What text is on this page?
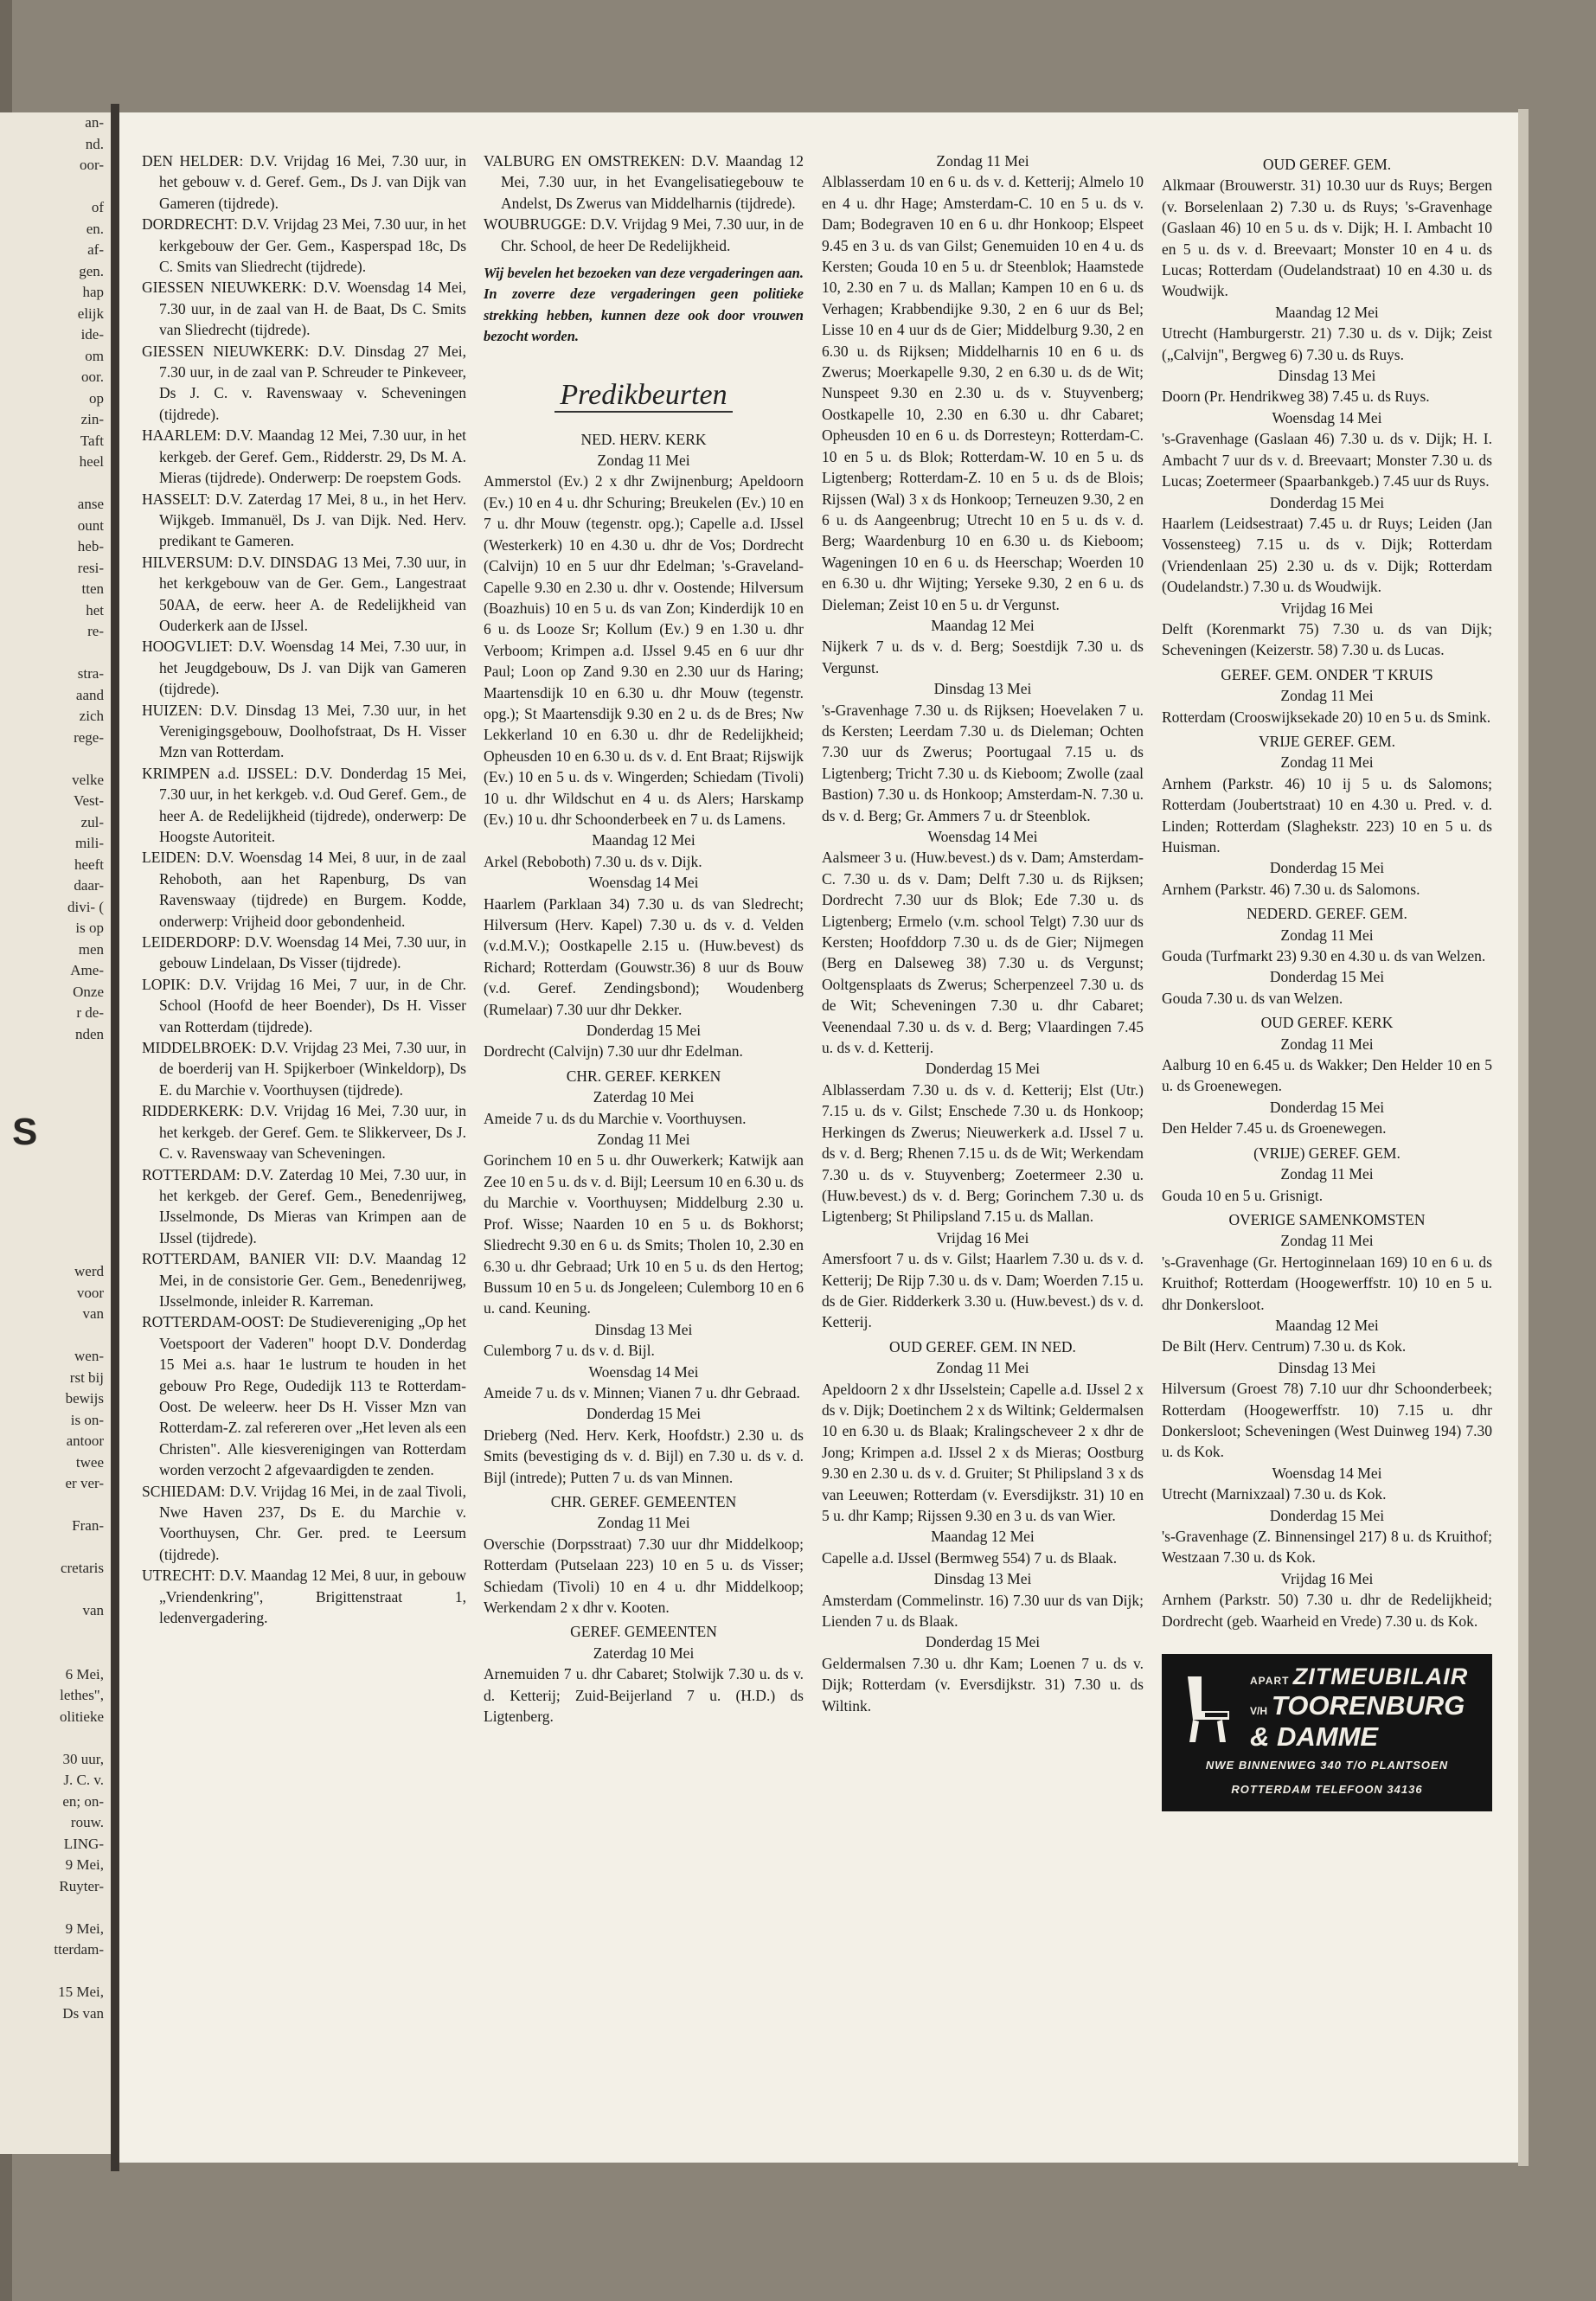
an-

nd.

oor-

of

en.

af-

gen.

hap

elijk

ide-

om

oor.

op

zin-

Taft

heel

anse

ount

heb-

resi-

tten

het

re-

stra-

aand

zich

rege-

velke

Vest-

zul-

mili-

heeft

daar-

divi- (

is op

men

Ame-

Onze

r de-

nden

S

werd

voor

van

wen-

rst bij

bewijs

is on-

antoor

twee

er ver-

Fran-

cretaris

van

6 Mei,

lethes",

olitieke

30 uur,

J. C. v.

en; on-

rouw.

LING-

9 Mei,

Ruyter-

9 Mei,

tterdam-

15 Mei,

Ds van

DEN HELDER: D.V. Vrijdag 16 Mei, 7.30 uur, in het gebouw v. d. Geref. Gem., Ds J. van Dijk van Gameren (tijdrede).

DORDRECHT: D.V. Vrijdag 23 Mei, 7.30 uur, in het kerkgebouw der Ger. Gem., Kasperspad 18c, Ds C. Smits van Sliedrecht (tijdrede).

GIESSEN NIEUWKERK: D.V. Woensdag 14 Mei, 7.30 uur, in de zaal van H. de Baat, Ds C. Smits van Sliedrecht (tijdrede).

GIESSEN NIEUWKERK: D.V. Dinsdag 27 Mei, 7.30 uur, in de zaal van P. Schreuder te Pinkeveer, Ds J. C. v. Ravenswaay v. Scheveningen (tijdrede).

HAARLEM: D.V. Maandag 12 Mei, 7.30 uur, in het kerkgeb. der Geref. Gem., Ridderstr. 29, Ds M. A. Mieras (tijdrede). Onderwerp: De roepstem Gods.

HASSELT: D.V. Zaterdag 17 Mei, 8 u., in het Herv. Wijkgeb. Immanuël, Ds J. van Dijk. Ned. Herv. predikant te Gameren.

HILVERSUM: D.V. DINSDAG 13 Mei, 7.30 uur, in het kerkgebouw van de Ger. Gem., Langestraat 50AA, de eerw. heer A. de Redelijkheid van Ouderkerk aan de IJssel.

HOOGVLIET: D.V. Woensdag 14 Mei, 7.30 uur, in het Jeugdgebouw, Ds J. van Dijk van Gameren (tijdrede).

HUIZEN: D.V. Dinsdag 13 Mei, 7.30 uur, in het Verenigingsgebouw, Doolhofstraat, Ds H. Visser Mzn van Rotterdam.

KRIMPEN a.d. IJSSEL: D.V. Donderdag 15 Mei, 7.30 uur, in het kerkgeb. v.d. Oud Geref. Gem., de heer A. de Redelijkheid (tijdrede), onderwerp: De Hoogste Autoriteit.

LEIDEN: D.V. Woensdag 14 Mei, 8 uur, in de zaal Rehoboth, aan het Rapenburg, Ds van Ravenswaay (tijdrede) en Burgem. Kodde, onderwerp: Vrijheid door gebondenheid.

LEIDERDORP: D.V. Woensdag 14 Mei, 7.30 uur, in gebouw Lindelaan, Ds Visser (tijdrede).

LOPIK: D.V. Vrijdag 16 Mei, 7 uur, in de Chr. School (Hoofd de heer Boender), Ds H. Visser van Rotterdam (tijdrede).

MIDDELBROEK: D.V. Vrijdag 23 Mei, 7.30 uur, in de boerderij van H. Spijkerboer (Winkeldorp), Ds E. du Marchie v. Voorthuysen (tijdrede).

RIDDERKERK: D.V. Vrijdag 16 Mei, 7.30 uur, in het kerkgeb. der Geref. Gem. te Slikkerveer, Ds J. C. v. Ravenswaay van Scheveningen.

ROTTERDAM: D.V. Zaterdag 10 Mei, 7.30 uur, in het kerkgeb. der Geref. Gem., Benedenrijweg, IJsselmonde, Ds Mieras van Krimpen aan de IJssel (tijdrede).

ROTTERDAM, BANIER VII: D.V. Maandag 12 Mei, in de consistorie Ger. Gem., Benedenrijweg, IJsselmonde, inleider R. Karreman.

ROTTERDAM-OOST: De Studievereniging „Op het Voetspoort der Vaderen" hoopt D.V. Donderdag 15 Mei a.s. haar 1e lustrum te houden in het gebouw Pro Rege, Oudedijk 113 te Rotterdam-Oost. De weleerw. heer Ds H. Visser Mzn van Rotterdam-Z. zal refereren over „Het leven als een Christen". Alle kiesverenigingen van Rotterdam worden verzocht 2 afgevaardigden te zenden.

SCHIEDAM: D.V. Vrijdag 16 Mei, in de zaal Tivoli, Nwe Haven 237, Ds E. du Marchie v. Voorthuysen, Chr. Ger. pred. te Leersum (tijdrede).

UTRECHT: D.V. Maandag 12 Mei, 8 uur, in gebouw „Vriendenkring", Brigittenstraat 1, ledenvergadering.

VALBURG EN OMSTREKEN: D.V. Maandag 12 Mei, 7.30 uur, in het Evangelisatiegebouw te Andelst, Ds Zwerus van Middelharnis (tijdrede).

WOUBRUGGE: D.V. Vrijdag 9 Mei, 7.30 uur, in de Chr. School, de heer De Redelijkheid.

Wij bevelen het bezoeken van deze vergaderingen aan. In zoverre deze vergaderingen geen politieke strekking hebben, kunnen deze ook door vrouwen bezocht worden.

Predikbeurten
NED. HERV. KERK
Zondag 11 Mei

Ammerstol (Ev.) 2 x dhr Zwijnenburg; Apeldoorn (Ev.) 10 en 4 u. dhr Schuring; Breukelen (Ev.) 10 en 7 u. dhr Mouw (tegenstr. opg.); Capelle a.d. IJssel (Westerkerk) 10 en 4.30 u. dhr de Vos; Dordrecht (Calvijn) 10 en 5 uur dhr Edelman; 's-Graveland-Capelle 9.30 en 2.30 u. dhr v. Oostende; Hilversum (Boazhuis) 10 en 5 u. ds van Zon; Kinderdijk 10 en 6 u. ds Looze Sr; Kollum (Ev.) 9 en 1.30 u. dhr Verboom; Krimpen a.d. IJssel 9.45 en 6 uur dhr Paul; Loon op Zand 9.30 en 2.30 uur ds Haring; Maartensdijk 10 en 6.30 u. dhr Mouw (tegenstr. opg.); St Maartensdijk 9.30 en 2 u. ds de Bres; Nw Lekkerland 10 en 6.30 u. dhr de Redelijkheid; Opheusden 10 en 6.30 u. ds v. d. Ent Braat; Rijswijk (Ev.) 10 en 5 u. ds v. Wingerden; Schiedam (Tivoli) 10 u. dhr Wildschut en 4 u. ds Alers; Harskamp (Ev.) 10 u. dhr Schoonderbeek en 7 u. ds Lamens.

Maandag 12 Mei

Arkel (Reboboth) 7.30 u. ds v. Dijk.

Woensdag 14 Mei

Haarlem (Parklaan 34) 7.30 u. ds van Sledrecht; Hilversum (Herv. Kapel) 7.30 u. ds v. d. Velden (v.d.M.V.); Oostkapelle 2.15 u. (Huw.bevest) ds Richard; Rotterdam (Gouwstr.36) 8 uur ds Bouw (v.d. Geref. Zendingsbond); Woudenberg (Rumelaar) 7.30 uur dhr Dekker.

Donderdag 15 Mei

Dordrecht (Calvijn) 7.30 uur dhr Edelman.

CHR. GEREF. KERKEN
Zaterdag 10 Mei

Ameide 7 u. ds du Marchie v. Voorthuysen.

Zondag 11 Mei

Gorinchem 10 en 5 u. dhr Ouwerkerk; Katwijk aan Zee 10 en 5 u. ds v. d. Bijl; Leersum 10 en 6.30 u. ds du Marchie v. Voorthuysen; Middelburg 2.30 u. Prof. Wisse; Naarden 10 en 5 u. ds Bokhorst; Sliedrecht 9.30 en 6 u. ds Smits; Tholen 10, 2.30 en 6.30 u. dhr Gebraad; Urk 10 en 5 u. ds den Hertog; Bussum 10 en 5 u. ds Jongeleen; Culemborg 10 en 6 u. cand. Keuning.

Dinsdag 13 Mei

Culemborg 7 u. ds v. d. Bijl.

Woensdag 14 Mei

Ameide 7 u. ds v. Minnen; Vianen 7 u. dhr Gebraad.

Donderdag 15 Mei

Drieberg (Ned. Herv. Kerk, Hoofdstr.) 2.30 u. ds Smits (bevestiging ds v. d. Bijl) en 7.30 u. ds v. d. Bijl (intrede); Putten 7 u. ds van Minnen.

CHR. GEREF. GEMEENTEN
Zondag 11 Mei

Overschie (Dorpsstraat) 7.30 uur dhr Middelkoop; Rotterdam (Putselaan 223) 10 en 5 u. ds Visser; Schiedam (Tivoli) 10 en 4 u. dhr Middelkoop; Werkendam 2 x dhr v. Kooten.

GEREF. GEMEENTEN
Zaterdag 10 Mei

Arnemuiden 7 u. dhr Cabaret; Stolwijk 7.30 u. ds v. d. Ketterij; Zuid-Beijerland 7 u. (H.D.) ds Ligtenberg.

Zondag 11 Mei

Alblasserdam 10 en 6 u. ds v. d. Ketterij; Almelo 10 en 4 u. dhr Hage; Amsterdam-C. 10 en 5 u. ds v. Dam; Bodegraven 10 en 6 u. dhr Honkoop; Elspeet 9.45 en 3 u. ds van Gilst; Genemuiden 10 en 4 u. ds Kersten; Gouda 10 en 5 u. dr Steenblok; Haamstede 10, 2.30 en 7 u. ds Mallan; Kampen 10 en 6 u. ds Verhagen; Krabbendijke 9.30, 2 en 6 uur ds Bel; Lisse 10 en 4 uur ds de Gier; Middelburg 9.30, 2 en 6.30 u. ds Rijksen; Middelharnis 10 en 6 u. ds Zwerus; Moerkapelle 9.30, 2 en 6.30 u. ds de Wit; Nunspeet 9.30 en 2.30 u. ds v. Stuyvenberg; Oostkapelle 10, 2.30 en 6.30 u. dhr Cabaret; Opheusden 10 en 6 u. ds Dorresteyn; Rotterdam-C. 10 en 5 u. ds Blok; Rotterdam-W. 10 en 5 u. ds Ligtenberg; Rotterdam-Z. 10 en 5 u. ds de Blois; Rijssen (Wal) 3 x ds Honkoop; Terneuzen 9.30, 2 en 6 u. ds Aangeenbrug; Utrecht 10 en 5 u. ds v. d. Berg; Waardenburg 10 en 6.30 u. ds Kieboom; Wageningen 10 en 6 u. ds Heerschap; Woerden 10 en 6.30 u. dhr Wijting; Yerseke 9.30, 2 en 6 u. ds Dieleman; Zeist 10 en 5 u. dr Vergunst.

Maandag 12 Mei

Nijkerk 7 u. ds v. d. Berg; Soestdijk 7.30 u. ds Vergunst.

Dinsdag 13 Mei

's-Gravenhage 7.30 u. ds Rijksen; Hoevelaken 7 u. ds Kersten; Leerdam 7.30 u. ds Dieleman; Ochten 7.30 uur ds Zwerus; Poortugaal 7.15 u. ds Ligtenberg; Tricht 7.30 u. ds Kieboom; Zwolle (zaal Bastion) 7.30 u. ds Honkoop; Amsterdam-N. 7.30 u. ds v. d. Berg; Gr. Ammers 7 u. dr Steenblok.

Woensdag 14 Mei

Aalsmeer 3 u. (Huw.bevest.) ds v. Dam; Amsterdam-C. 7.30 u. ds v. Dam; Delft 7.30 u. ds Rijksen; Dordrecht 7.30 uur ds Blok; Ede 7.30 u. ds Ligtenberg; Ermelo (v.m. school Telgt) 7.30 uur ds Kersten; Hoofddorp 7.30 u. ds de Gier; Nijmegen (Berg en Dalseweg 38) 7.30 u. ds Vergunst; Ooltgensplaats ds Zwerus; Scherpenzeel 7.30 u. ds de Wit; Scheveningen 7.30 u. dhr Cabaret; Veenendaal 7.30 u. ds v. d. Berg; Vlaardingen 7.45 u. ds v. d. Ketterij.

Donderdag 15 Mei

Alblasserdam 7.30 u. ds v. d. Ketterij; Elst (Utr.) 7.15 u. ds v. Gilst; Enschede 7.30 u. ds Honkoop; Herkingen ds Zwerus; Nieuwerkerk a.d. IJssel 7 u. ds v. d. Berg; Rhenen 7.15 u. ds de Wit; Werkendam 7.30 u. ds v. Stuyvenberg; Zoetermeer 2.30 u. (Huw.bevest.) ds v. d. Berg; Gorinchem 7.30 u. ds Ligtenberg; St Philipsland 7.15 u. ds Mallan.

Vrijdag 16 Mei

Amersfoort 7 u. ds v. Gilst; Haarlem 7.30 u. ds v. d. Ketterij; De Rijp 7.30 u. ds v. Dam; Woerden 7.15 u. ds de Gier. Ridderkerk 3.30 u. (Huw.bevest.) ds v. d. Ketterij.

OUD GEREF. GEM. IN NED.
Zondag 11 Mei

Apeldoorn 2 x dhr IJsselstein; Capelle a.d. IJssel 2 x ds v. Dijk; Doetinchem 2 x ds Wiltink; Geldermalsen 10 en 6.30 u. ds Blaak; Kralingscheveer 2 x dhr de Jong; Krimpen a.d. IJssel 2 x ds Mieras; Oostburg 9.30 en 2.30 u. ds v. d. Gruiter; St Philipsland 3 x ds van Leeuwen; Rotterdam (v. Eversdijkstr. 31) 10 en 5 u. dhr Kamp; Rijssen 9.30 en 3 u. ds van Wier.

Maandag 12 Mei

Capelle a.d. IJssel (Bermweg 554) 7 u. ds Blaak.

Dinsdag 13 Mei

Amsterdam (Commelinstr. 16) 7.30 uur ds van Dijk; Lienden 7 u. ds Blaak.

Donderdag 15 Mei

Geldermalsen 7.30 u. dhr Kam; Loenen 7 u. ds v. Dijk; Rotterdam (v. Eversdijkstr. 31) 7.30 u. ds Wiltink.

OUD GEREF. GEM.

Alkmaar (Brouwerstr. 31) 10.30 uur ds Ruys; Bergen (v. Borselenlaan 2) 7.30 u. ds Ruys; 's-Gravenhage (Gaslaan 46) 10 en 5 u. ds v. Dijk; H. I. Ambacht 10 en 5 u. ds v. d. Breevaart; Monster 10 en 4 u. ds Lucas; Rotterdam (Oudelandstraat) 10 en 4.30 u. ds Woudwijk.

Maandag 12 Mei

Utrecht (Hamburgerstr. 21) 7.30 u. ds v. Dijk; Zeist („Calvijn", Bergweg 6) 7.30 u. ds Ruys.

Dinsdag 13 Mei

Doorn (Pr. Hendrikweg 38) 7.45 u. ds Ruys.

Woensdag 14 Mei

's-Gravenhage (Gaslaan 46) 7.30 u. ds v. Dijk; H. I. Ambacht 7 uur ds v. d. Breevaart; Monster 7.30 u. ds Lucas; Zoetermeer (Spaarbankgeb.) 7.45 uur ds Ruys.

Donderdag 15 Mei

Haarlem (Leidsestraat) 7.45 u. dr Ruys; Leiden (Jan Vossensteeg) 7.15 u. ds v. Dijk; Rotterdam (Vriendenlaan 25) 2.30 u. ds v. Dijk; Rotterdam (Oudelandstr.) 7.30 u. ds Woudwijk.

Vrijdag 16 Mei

Delft (Korenmarkt 75) 7.30 u. ds van Dijk; Scheveningen (Keizerstr. 58) 7.30 u. ds Lucas.

GEREF. GEM. ONDER 'T KRUIS
Zondag 11 Mei

Rotterdam (Crooswijksekade 20) 10 en 5 u. ds Smink.

VRIJE GEREF. GEM.
Zondag 11 Mei

Arnhem (Parkstr. 46) 10 ij 5 u. ds Salomons; Rotterdam (Joubertstraat) 10 en 4.30 u. Pred. v. d. Linden; Rotterdam (Slaghekstr. 223) 10 en 5 u. ds Huisman.

Donderdag 15 Mei

Arnhem (Parkstr. 46) 7.30 u. ds Salomons.

NEDERD. GEREF. GEM.
Zondag 11 Mei

Gouda (Turfmarkt 23) 9.30 en 4.30 u. ds van Welzen.

Donderdag 15 Mei

Gouda 7.30 u. ds van Welzen.

OUD GEREF. KERK
Zondag 11 Mei

Aalburg 10 en 6.45 u. ds Wakker; Den Helder 10 en 5 u. ds Groenewegen.

Donderdag 15 Mei

Den Helder 7.45 u. ds Groenewegen.

(VRIJE) GEREF. GEM.
Zondag 11 Mei

Gouda 10 en 5 u. Grisnigt.

OVERIGE SAMENKOMSTEN
Zondag 11 Mei

's-Gravenhage (Gr. Hertoginnelaan 169) 10 en 6 u. ds Kruithof; Rotterdam (Hoogewerffstr. 10) 10 en 5 u. dhr Donkersloot.

Maandag 12 Mei

De Bilt (Herv. Centrum) 7.30 u. ds Kok.

Dinsdag 13 Mei

Hilversum (Groest 78) 7.10 uur dhr Schoonderbeek; Rotterdam (Hoogewerffstr. 10) 7.15 u. dhr Donkersloot; Scheveningen (West Duinweg 194) 7.30 u. ds Kok.

Woensdag 14 Mei

Utrecht (Marnixzaal) 7.30 u. ds Kok.

Donderdag 15 Mei

's-Gravenhage (Z. Binnensingel 217) 8 u. ds Kruithof; Westzaan 7.30 u. ds Kok.

Vrijdag 16 Mei

Arnhem (Parkstr. 50) 7.30 u. dhr de Redelijkheid; Dordrecht (geb. Waarheid en Vrede) 7.30 u. ds Kok.

APART ZITMEUBILAIR
V/H TOORENBURG
& DAMME
NWE BINNENWEG 340 T/O PLANTSOEN
ROTTERDAM TELEFOON 34136
